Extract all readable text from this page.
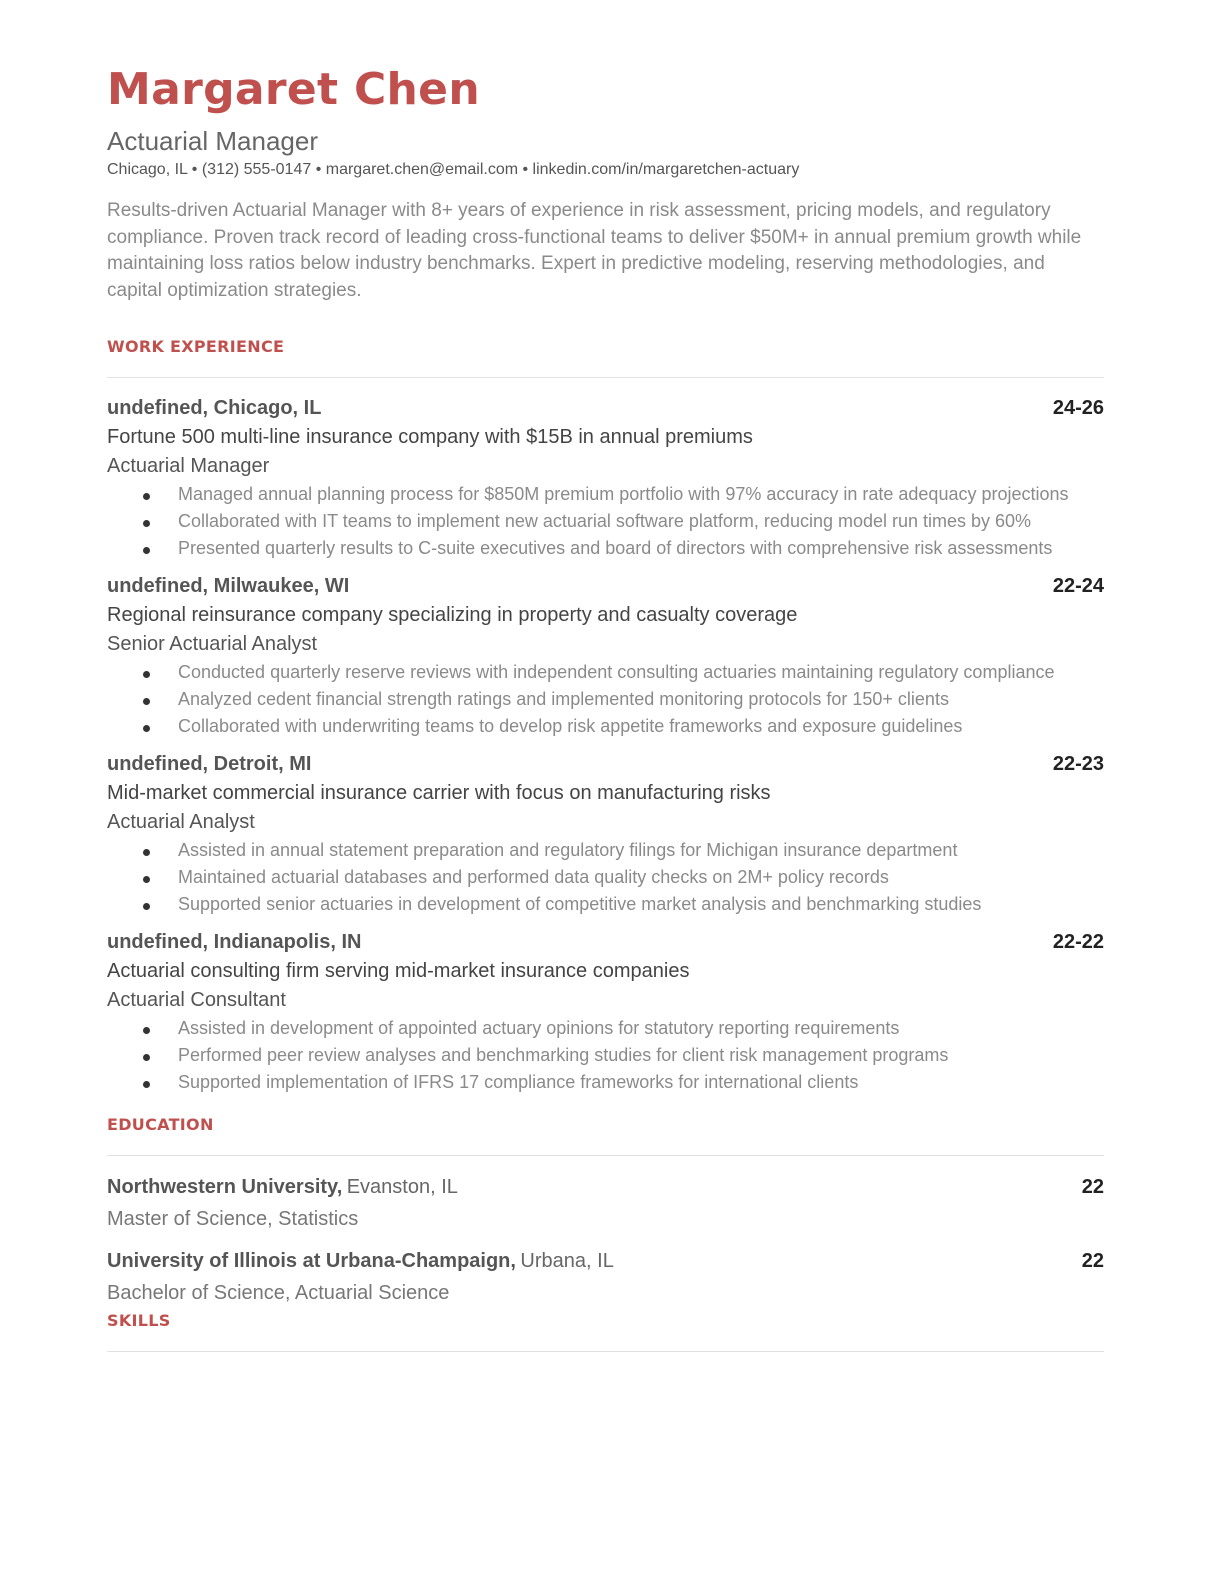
Margaret Chen
Actuarial Manager
Chicago, IL • (312) 555-0147 • margaret.chen@email.com • linkedin.com/in/margaretchen-actuary
Results-driven Actuarial Manager with 8+ years of experience in risk assessment, pricing models, and regulatory compliance. Proven track record of leading cross-functional teams to deliver $50M+ in annual premium growth while maintaining loss ratios below industry benchmarks. Expert in predictive modeling, reserving methodologies, and capital optimization strategies.
WORK EXPERIENCE
undefined, Chicago, IL	24-26
Fortune 500 multi-line insurance company with $15B in annual premiums
Actuarial Manager
Managed annual planning process for $850M premium portfolio with 97% accuracy in rate adequacy projections
Collaborated with IT teams to implement new actuarial software platform, reducing model run times by 60%
Presented quarterly results to C-suite executives and board of directors with comprehensive risk assessments
undefined, Milwaukee, WI	22-24
Regional reinsurance company specializing in property and casualty coverage
Senior Actuarial Analyst
Conducted quarterly reserve reviews with independent consulting actuaries maintaining regulatory compliance
Analyzed cedent financial strength ratings and implemented monitoring protocols for 150+ clients
Collaborated with underwriting teams to develop risk appetite frameworks and exposure guidelines
undefined, Detroit, MI	22-23
Mid-market commercial insurance carrier with focus on manufacturing risks
Actuarial Analyst
Assisted in annual statement preparation and regulatory filings for Michigan insurance department
Maintained actuarial databases and performed data quality checks on 2M+ policy records
Supported senior actuaries in development of competitive market analysis and benchmarking studies
undefined, Indianapolis, IN	22-22
Actuarial consulting firm serving mid-market insurance companies
Actuarial Consultant
Assisted in development of appointed actuary opinions for statutory reporting requirements
Performed peer review analyses and benchmarking studies for client risk management programs
Supported implementation of IFRS 17 compliance frameworks for international clients
EDUCATION
Northwestern University, Evanston, IL	22
Master of Science, Statistics
University of Illinois at Urbana-Champaign, Urbana, IL	22
Bachelor of Science, Actuarial Science
SKILLS
